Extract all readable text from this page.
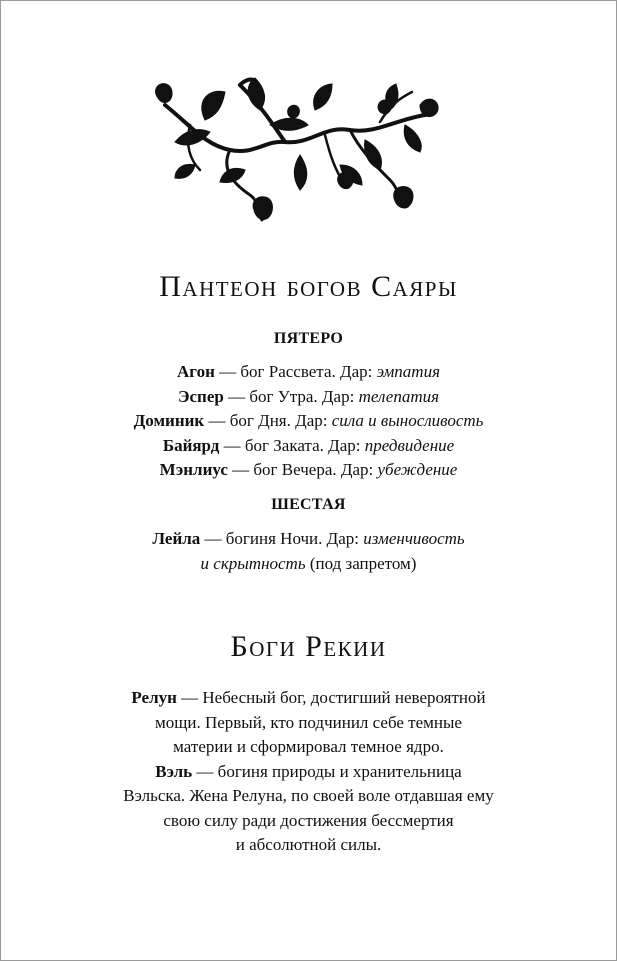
Пантеон богов Саяры
ПЯТЕРО
Агон — бог Рассвета. Дар: эмпатия
Эспер — бог Утра. Дар: телепатия
Доминик — бог Дня. Дар: сила и выносливость
Байярд — бог Заката. Дар: предвидение
Мэнлиус — бог Вечера. Дар: убеждение
ШЕСТАЯ
Лейла — богиня Ночи. Дар: изменчивость
и скрытность (под запретом)
Боги Рекии
Релун — Небесный бог, достигший невероятной
мощи. Первый, кто подчинил себе темные
материи и сформировал темное ядро.
Вэль — богиня природы и хранительница
Вэльска. Жена Релуна, по своей воле отдавшая ему
свою силу ради достижения бессмертия
и абсолютной силы.
